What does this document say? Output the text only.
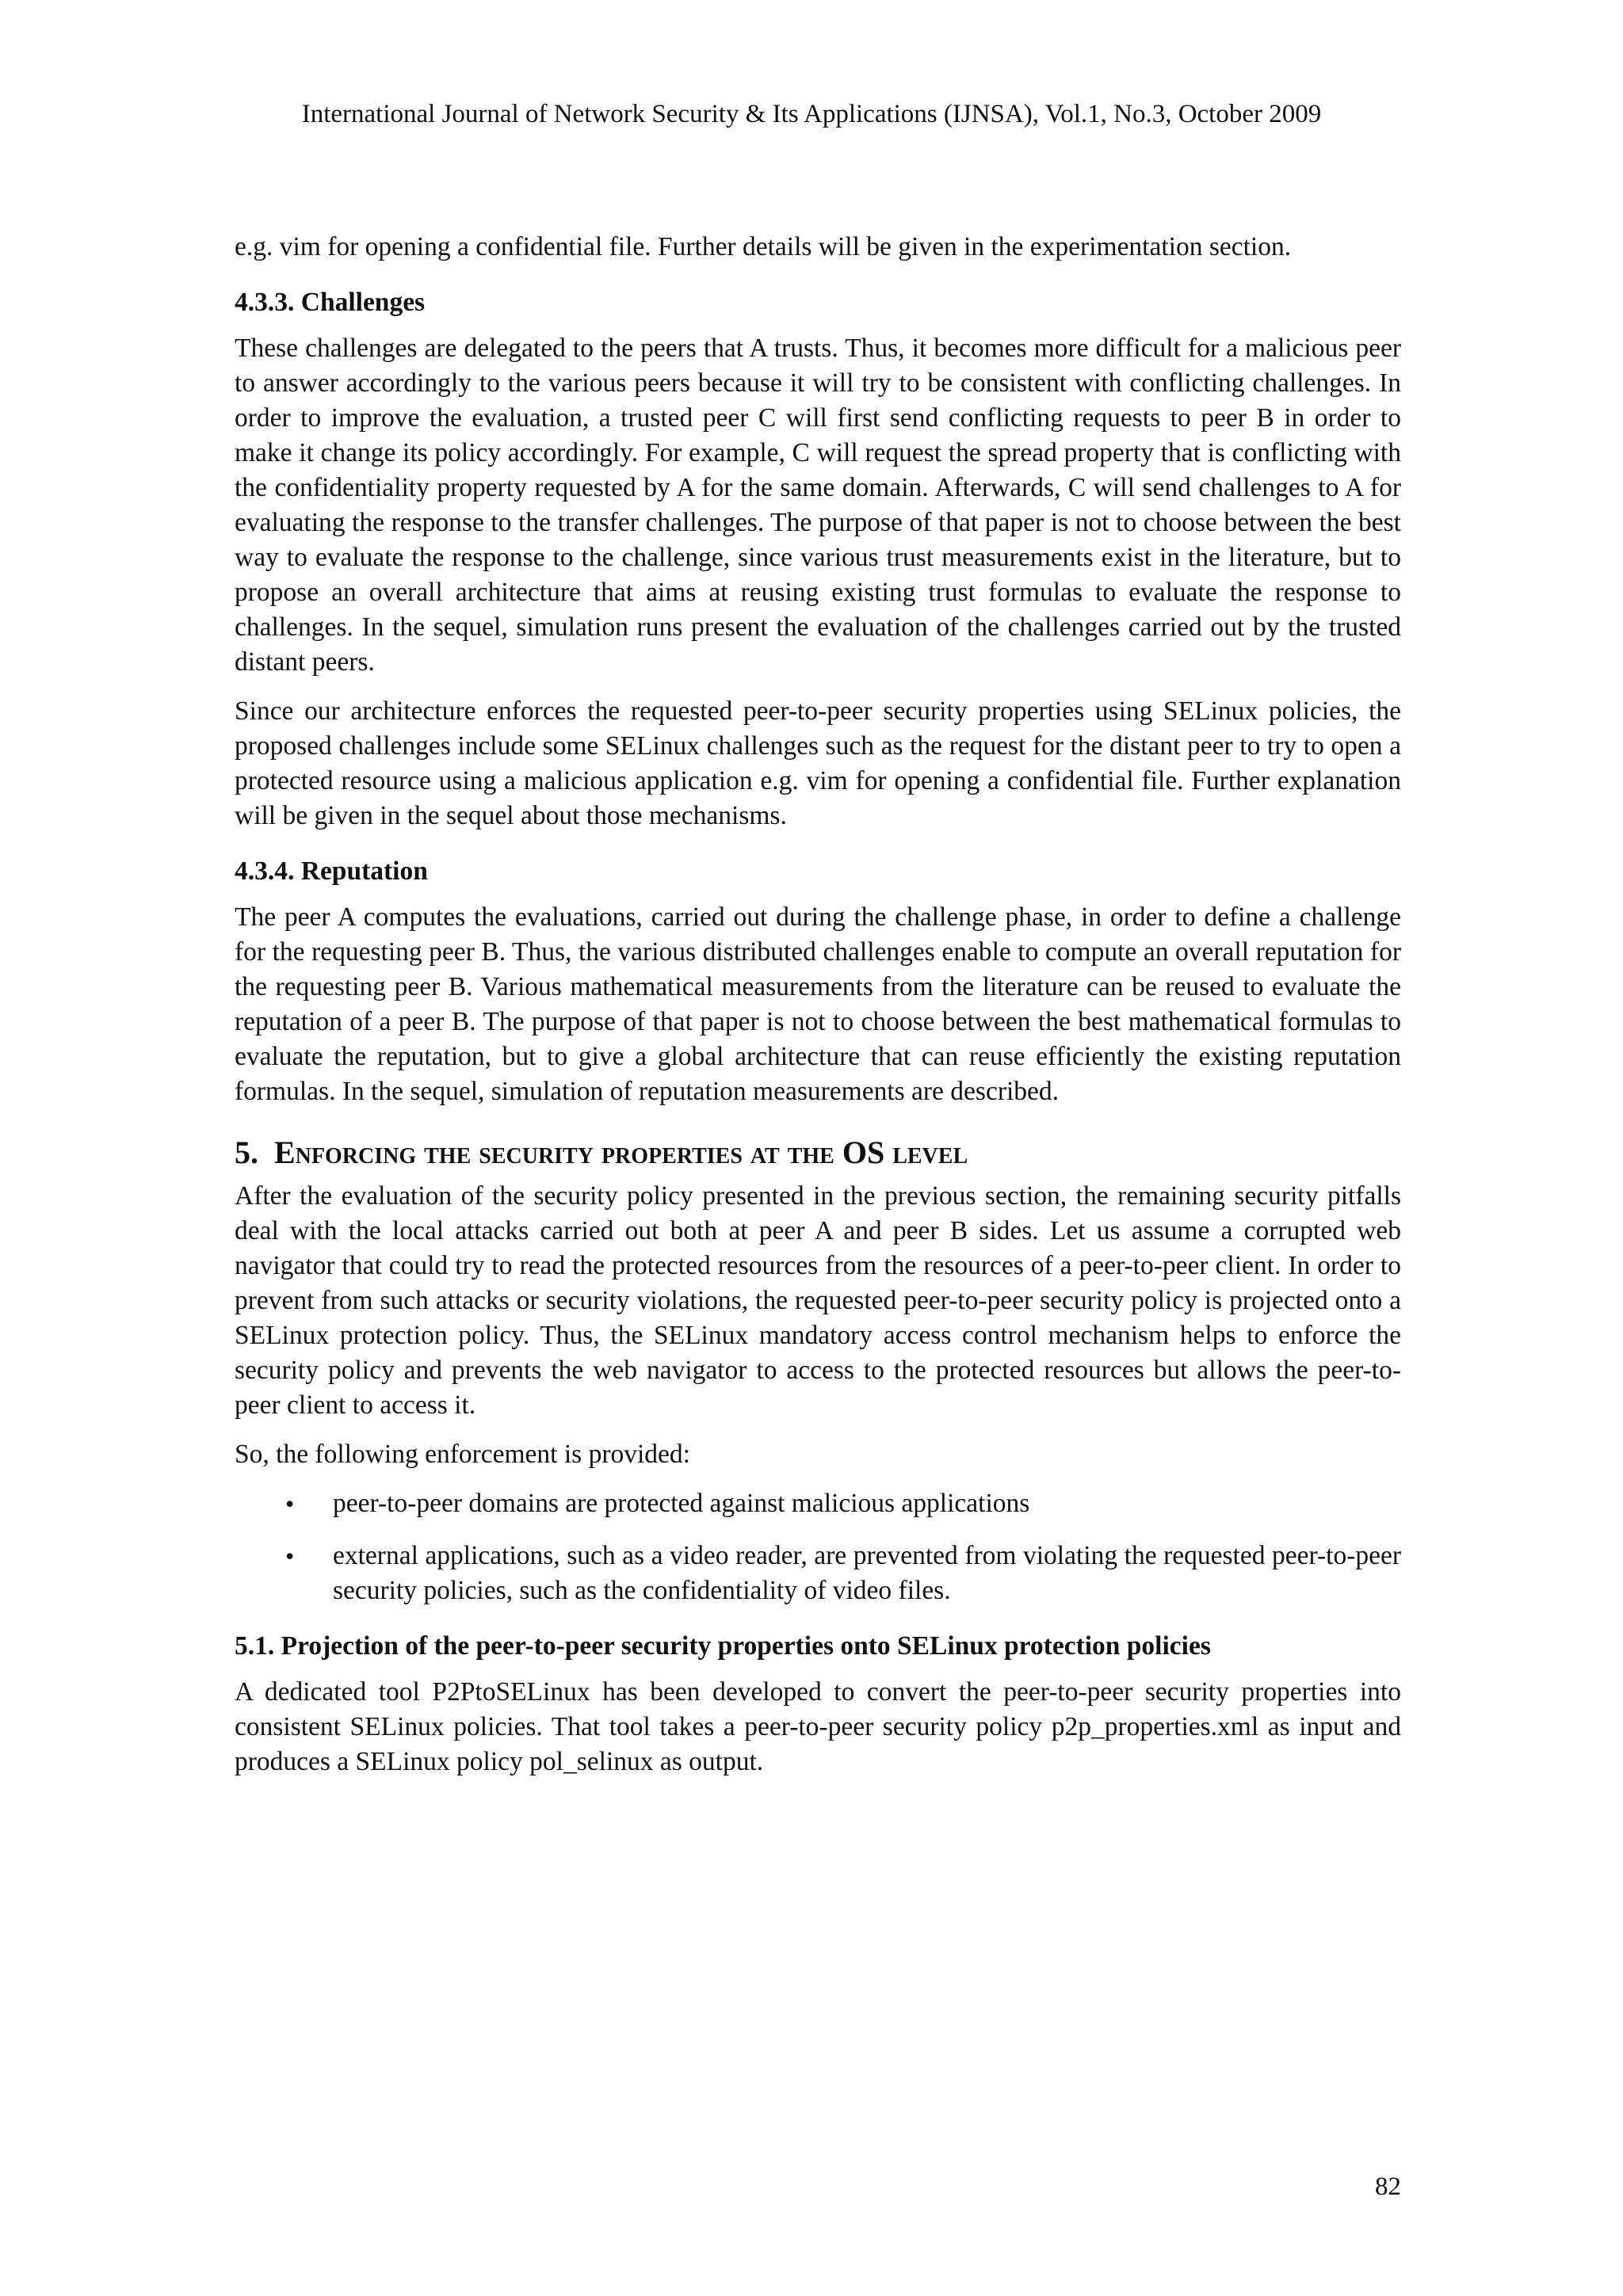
International Journal of Network Security & Its Applications (IJNSA), Vol.1, No.3, October 2009

e.g. vim for opening a confidential file. Further details will be given in the experimentation section.

4.3.3. Challenges

These challenges are delegated to the peers that A trusts. Thus, it becomes more difficult for a malicious peer to answer accordingly to the various peers because it will try to be consistent with conflicting challenges. In order to improve the evaluation, a trusted peer C will first send conflicting requests to peer B in order to make it change its policy accordingly. For example, C will request the spread property that is conflicting with the confidentiality property requested by A for the same domain. Afterwards, C will send challenges to A for evaluating the response to the transfer challenges. The purpose of that paper is not to choose between the best way to evaluate the response to the challenge, since various trust measurements exist in the literature, but to propose an overall architecture that aims at reusing existing trust formulas to evaluate the response to challenges. In the sequel, simulation runs present the evaluation of the challenges carried out by the trusted distant peers.

Since our architecture enforces the requested peer-to-peer security properties using SELinux policies, the proposed challenges include some SELinux challenges such as the request for the distant peer to try to open a protected resource using a malicious application e.g. vim for opening a confidential file. Further explanation will be given in the sequel about those mechanisms.

4.3.4. Reputation

The peer A computes the evaluations, carried out during the challenge phase, in order to define a challenge for the requesting peer B. Thus, the various distributed challenges enable to compute an overall reputation for the requesting peer B. Various mathematical measurements from the literature can be reused to evaluate the reputation of a peer B. The purpose of that paper is not to choose between the best mathematical formulas to evaluate the reputation, but to give a global architecture that can reuse efficiently the existing reputation formulas. In the sequel, simulation of reputation measurements are described.

5. Enforcing the security properties at the OS level

After the evaluation of the security policy presented in the previous section, the remaining security pitfalls deal with the local attacks carried out both at peer A and peer B sides. Let us assume a corrupted web navigator that could try to read the protected resources from the resources of a peer-to-peer client. In order to prevent from such attacks or security violations, the requested peer-to-peer security policy is projected onto a SELinux protection policy. Thus, the SELinux mandatory access control mechanism helps to enforce the security policy and prevents the web navigator to access to the protected resources but allows the peer-to-peer client to access it.

So, the following enforcement is provided:

• peer-to-peer domains are protected against malicious applications
• external applications, such as a video reader, are prevented from violating the requested peer-to-peer security policies, such as the confidentiality of video files.
5.1. Projection of the peer-to-peer security properties onto SELinux protection policies

A dedicated tool P2PtoSELinux has been developed to convert the peer-to-peer security properties into consistent SELinux policies. That tool takes a peer-to-peer security policy p2p_properties.xml as input and produces a SELinux policy pol_selinux as output.

82
